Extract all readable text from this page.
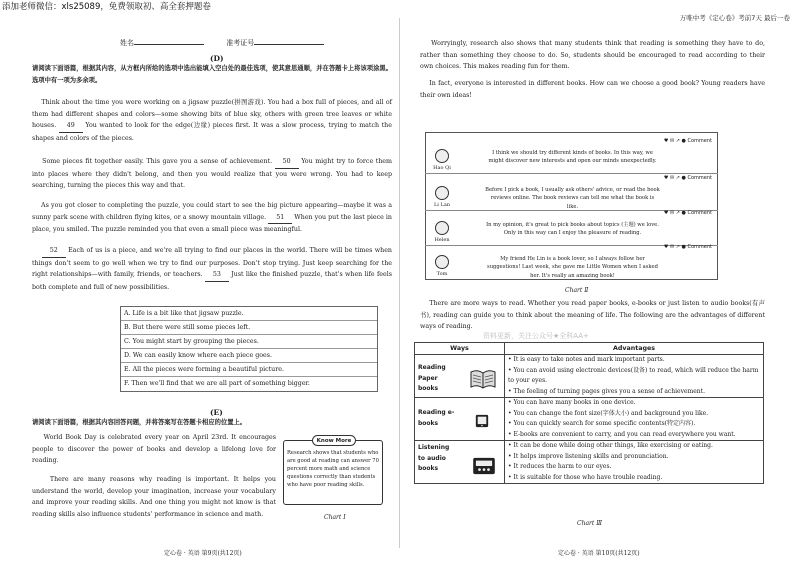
添加老师微信：xls25089，免费领取初、高全套押题卷
万唯中考《定心卷》考前7天 最后一卷
姓名	准考证号
(D)
请阅读下面语篇，根据其内容，从方框内所给的选项中选出能填入空白处的最佳选项，使其意思通顺，并在答题卡上将该项涂黑。选项中有一项为多余项。
Think about the time you were working on a jigsaw puzzle(拼图游戏). You had a box full of pieces, and all of them had different shapes and colors—some showing bits of blue sky, others with green tree leaves or white houses. 49 You wanted to look for the edge(边缘) pieces first. It was a slow process, trying to match the shapes and colors of the pieces.
Some pieces fit together easily. This gave you a sense of achievement. 50 You might try to force them into places where they didn't belong, and then you would realize that you were wrong. You had to keep searching, turning the pieces this way and that.
As you got closer to completing the puzzle, you could start to see the big picture appearing—maybe it was a sunny park scene with children flying kites, or a snowy mountain village. 51 When you put the last piece in place, you smiled. The puzzle reminded you that even a small piece was meaningful.
52 Each of us is a piece, and we're all trying to find our places in the world. There will be times when things don't seem to go well when we try to find our purposes. Don't stop trying. Just keep searching for the right relationships—with family, friends, or teachers. 53 Just like the finished puzzle, that's when life feels both complete and full of new possibilities.
A. Life is a bit like that jigsaw puzzle.
B. But there were still some pieces left.
C. You might start by grouping the pieces.
D. We can easily know where each piece goes.
E. All the pieces were forming a beautiful picture.
F. Then we'll find that we are all part of something bigger.
(E)
请阅读下面语篇，根据其内容回答问题，并将答案写在答题卡相应的位置上。
World Book Day is celebrated every year on April 23rd. It encourages people to discover the power of books and develop a lifelong love for reading.
There are many reasons why reading is important. It helps you understand the world, develop your imagination, increase your vocabulary and improve your reading skills. And one thing you might not know is that reading skills also influence students' performance in science and math.
Know More
Research shows that students who are good at reading can answer 70 percent more math and science questions correctly than students who have poor reading skills.
Chart Ⅰ
定心卷 · 英语 第9页(共12页)
Worryingly, research also shows that many students think that reading is something they have to do, rather than something they choose to do. So, students should be encouraged to read according to their own choices. This makes reading fun for them.
In fact, everyone is interested in different books. How can we choose a good book? Young readers have their own ideas!
♥ ✉ ↗ ● Comment
Hao Qi
I think we should try different kinds of books. In this way, we might discover new interests and open our minds unexpectedly.
♥ ✉ ↗ ● Comment
Li Lan
Before I pick a book, I usually ask others' advice, or read the book reviews online. The book reviews can tell me what the book is like.
♥ ✉ ↗ ● Comment
Helen
In my opinion, it's great to pick books about topics (主题) we love. Only in this way can I enjoy the pleasure of reading.
♥ ✉ ↗ ● Comment
Tom
My friend He Lin is a book lover, so I always follow her suggestions! Last week, she gave me Little Women when I asked her. It's really an amazing book!
Chart Ⅱ
There are more ways to read. Whether you read paper books, e-books or just listen to audio books(有声书), reading can guide you to think about the meaning of life. The following are the advantages of different ways of reading.
资料更新，关注公众号★全科AA+
Ways	Advantages

Reading Paper books	• It is easy to take notes and mark important parts.
• You can avoid using electronic devices(设备) to read, which will reduce the harm to your eyes.
• The feeling of turning pages gives you a sense of achievement.

Reading e-books	• You can have many books in one device.
• You can change the font size(字体大小) and background you like.
• You can quickly search for some specific contents(特定内容).
• E-books are convenient to carry, and you can read everywhere you want.

Listening to audio books	• It can be done while doing other things, like exercising or eating.
• It helps improve listening skills and pronunciation.
• It reduces the harm to our eyes.
• It is suitable for those who have trouble reading.
Chart Ⅲ
定心卷 · 英语 第10页(共12页)
